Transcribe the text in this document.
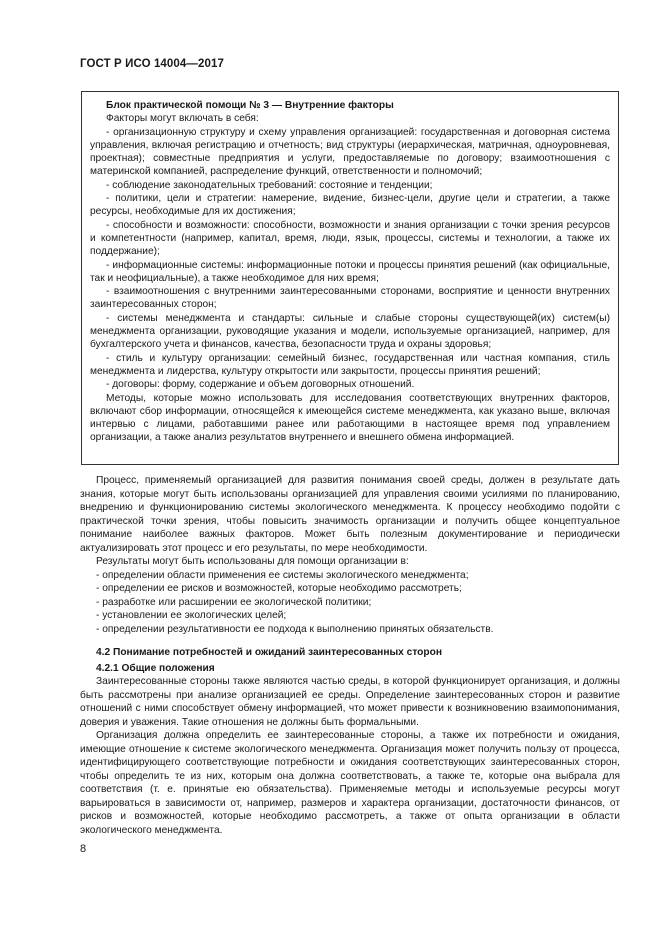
ГОСТ Р ИСО 14004—2017

Блок практической помощи № 3 — Внутренние факторы

Факторы могут включать в себя:

- организационную структуру и схему управления организацией: государственная и договорная система управления, включая регистрацию и отчетность; вид структуры (иерархическая, матричная, одноуровневая, проектная); совместные предприятия и услуги, предоставляемые по договору; взаимоотношения с материнской компанией, распределение функций, ответственности и полномочий;

- соблюдение законодательных требований: состояние и тенденции;

- политики, цели и стратегии: намерение, видение, бизнес-цели, другие цели и стратегии, а также ресурсы, необходимые для их достижения;

- способности и возможности: способности, возможности и знания организации с точки зрения ресурсов и компетентности (например, капитал, время, люди, язык, процессы, системы и технологии, а также их поддержание);

- информационные системы: информационные потоки и процессы принятия решений (как официальные, так и неофициальные), а также необходимое для них время;

- взаимоотношения с внутренними заинтересованными сторонами, восприятие и ценности внутренних заинтересованных сторон;

- системы менеджмента и стандарты: сильные и слабые стороны существующей(их) систем(ы) менеджмента организации, руководящие указания и модели, используемые организацией, например, для бухгалтерского учета и финансов, качества, безопасности труда и охраны здоровья;

- стиль и культуру организации: семейный бизнес, государственная или частная компания, стиль менеджмента и лидерства, культуру открытости или закрытости, процессы принятия решений;

- договоры: форму, содержание и объем договорных отношений.

Методы, которые можно использовать для исследования соответствующих внутренних факторов, включают сбор информации, относящейся к имеющейся системе менеджмента, как указано выше, включая интервью с лицами, работавшими ранее или работающими в настоящее время под управлением организации, а также анализ результатов внутреннего и внешнего обмена информацией.

Процесс, применяемый организацией для развития понимания своей среды, должен в результате дать знания, которые могут быть использованы организацией для управления своими усилиями по планированию, внедрению и функционированию системы экологического менеджмента. К процессу необходимо подойти с практической точки зрения, чтобы повысить значимость организации и получить общее концептуальное понимание наиболее важных факторов. Может быть полезным документирование и периодически актуализировать этот процесс и его результаты, по мере необходимости.

Результаты могут быть использованы для помощи организации в:

- определении области применения ее системы экологического менеджмента;

- определении ее рисков и возможностей, которые необходимо рассмотреть;

- разработке или расширении ее экологической политики;

- установлении ее экологических целей;

- определении результативности ее подхода к выполнению принятых обязательств.

4.2 Понимание потребностей и ожиданий заинтересованных сторон

4.2.1 Общие положения

Заинтересованные стороны также являются частью среды, в которой функционирует организация, и должны быть рассмотрены при анализе организацией ее среды. Определение заинтересованных сторон и развитие отношений с ними способствует обмену информацией, что может привести к возникновению взаимопонимания, доверия и уважения. Такие отношения не должны быть формальными.

Организация должна определить ее заинтересованные стороны, а также их потребности и ожидания, имеющие отношение к системе экологического менеджмента. Организация может получить пользу от процесса, идентифицирующего соответствующие потребности и ожидания соответствующих заинтересованных сторон, чтобы определить те из них, которым она должна соответствовать, а также те, которые она выбрала для соответствия (т. е. принятые ею обязательства). Применяемые методы и используемые ресурсы могут варьироваться в зависимости от, например, размеров и характера организации, достаточности финансов, от рисков и возможностей, которые необходимо рассмотреть, а также от опыта организации в области экологического менеджмента.

8
